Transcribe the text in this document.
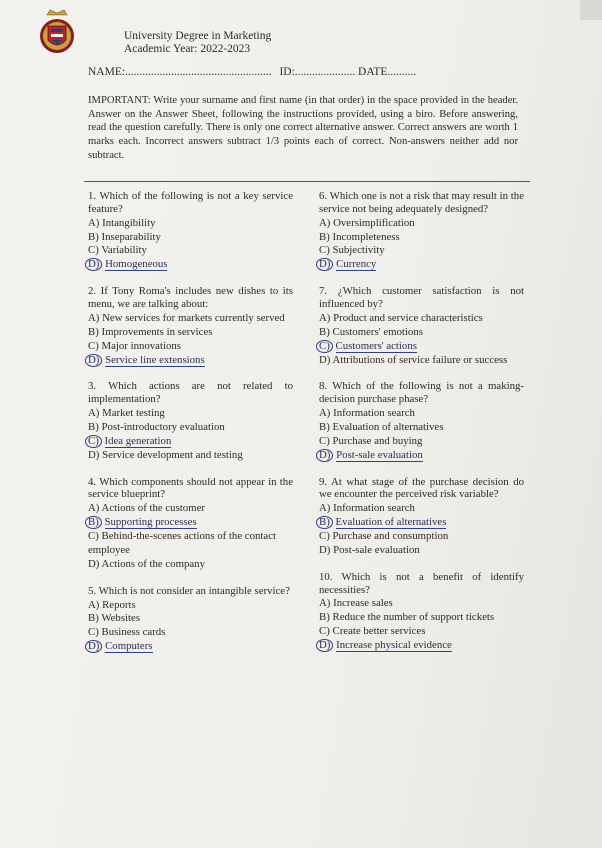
University Degree in Marketing
Academic Year: 2022-2023
NAME:................................................... ID:..................... DATE..........
IMPORTANT: Write your surname and first name (in that order) in the space provided in the header. Answer on the Answer Sheet, following the instructions provided, using a biro. Before answering, read the question carefully. There is only one correct alternative answer. Correct answers are worth 1 marks each. Incorrect answers subtract 1/3 points each of correct. Non-answers neither add nor subtract.
1. Which of the following is not a key service feature?
A) Intangibility
B) Inseparability
C) Variability
D) Homogeneous
2. If Tony Roma's includes new dishes to its menu, we are talking about:
A) New services for markets currently served
B) Improvements in services
C) Major innovations
D) Service line extensions
3. Which actions are not related to implementation?
A) Market testing
B) Post-introductory evaluation
C) Idea generation
D) Service development and testing
4. Which components should not appear in the service blueprint?
A) Actions of the customer
B) Supporting processes
C) Behind-the-scenes actions of the contact employee
D) Actions of the company
5. Which is not consider an intangible service?
A) Reports
B) Websites
C) Business cards
D) Computers
6. Which one is not a risk that may result in the service not being adequately designed?
A) Oversimplification
B) Incompleteness
C) Subjectivity
D) Currency
7. ¿Which customer satisfaction is not influenced by?
A) Product and service characteristics
B) Customers' emotions
C) Customers' actions
D) Attributions of service failure or success
8. Which of the following is not a making-decision purchase phase?
A) Information search
B) Evaluation of alternatives
C) Purchase and buying
D) Post-sale evaluation
9. At what stage of the purchase decision do we encounter the perceived risk variable?
A) Information search
B) Evaluation of alternatives
C) Purchase and consumption
D) Post-sale evaluation
10. Which is not a benefit of identify necessities?
A) Increase sales
B) Reduce the number of support tickets
C) Create better services
D) Increase physical evidence
